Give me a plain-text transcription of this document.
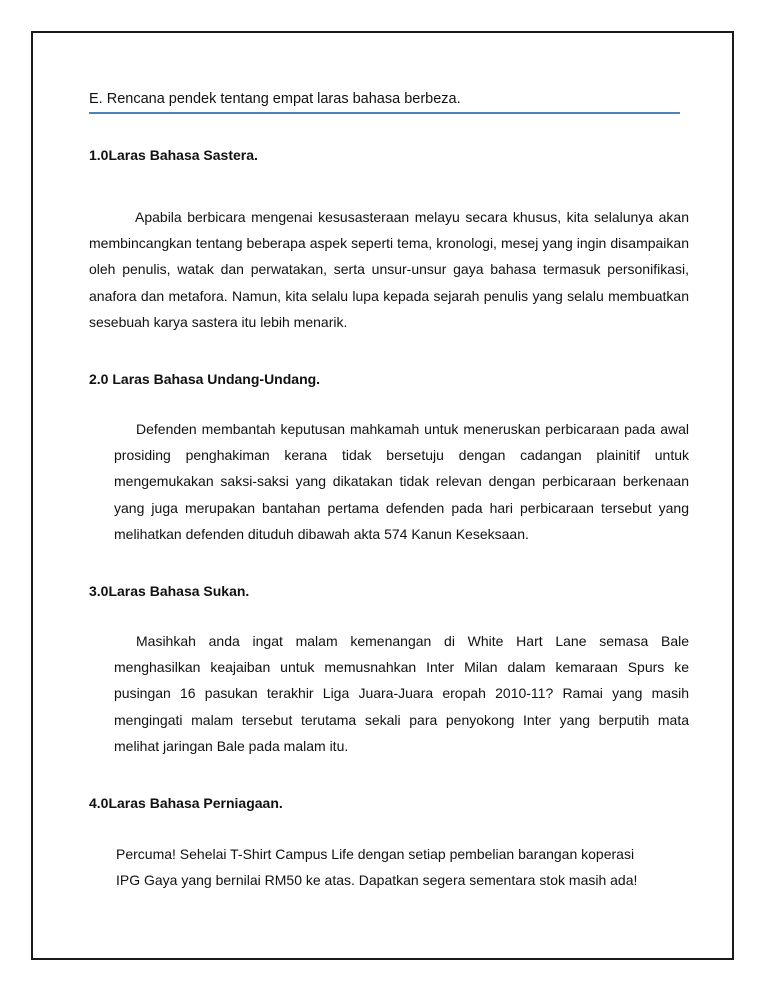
E. Rencana pendek tentang empat laras bahasa berbeza.
1.0Laras Bahasa Sastera.

Apabila berbicara mengenai kesusasteraan melayu secara khusus, kita selalunya akan membincangkan tentang beberapa aspek seperti tema, kronologi, mesej yang ingin disampaikan oleh penulis, watak dan perwatakan, serta unsur-unsur gaya bahasa termasuk personifikasi, anafora dan metafora. Namun, kita selalu lupa kepada sejarah penulis yang selalu membuatkan sesebuah karya sastera itu lebih menarik.

2.0 Laras Bahasa Undang-Undang.

Defenden membantah keputusan mahkamah untuk meneruskan perbicaraan pada awal prosiding penghakiman kerana tidak bersetuju dengan cadangan plainitif untuk mengemukakan saksi-saksi yang dikatakan tidak relevan dengan perbicaraan berkenaan yang juga merupakan bantahan pertama defenden pada hari perbicaraan tersebut yang melihatkan defenden dituduh dibawah akta 574 Kanun Keseksaan.

3.0Laras Bahasa Sukan.

Masihkah anda ingat malam kemenangan di White Hart Lane semasa Bale menghasilkan keajaiban untuk memusnahkan Inter Milan dalam kemaraan Spurs ke pusingan 16 pasukan terakhir Liga Juara-Juara eropah 2010-11? Ramai yang masih mengingati malam tersebut terutama sekali para penyokong Inter yang berputih mata melihat jaringan Bale pada malam itu.

4.0Laras Bahasa Perniagaan.

Percuma! Sehelai T-Shirt Campus Life dengan setiap pembelian barangan koperasi
IPG Gaya yang bernilai RM50 ke atas. Dapatkan segera sementara stok masih ada!
